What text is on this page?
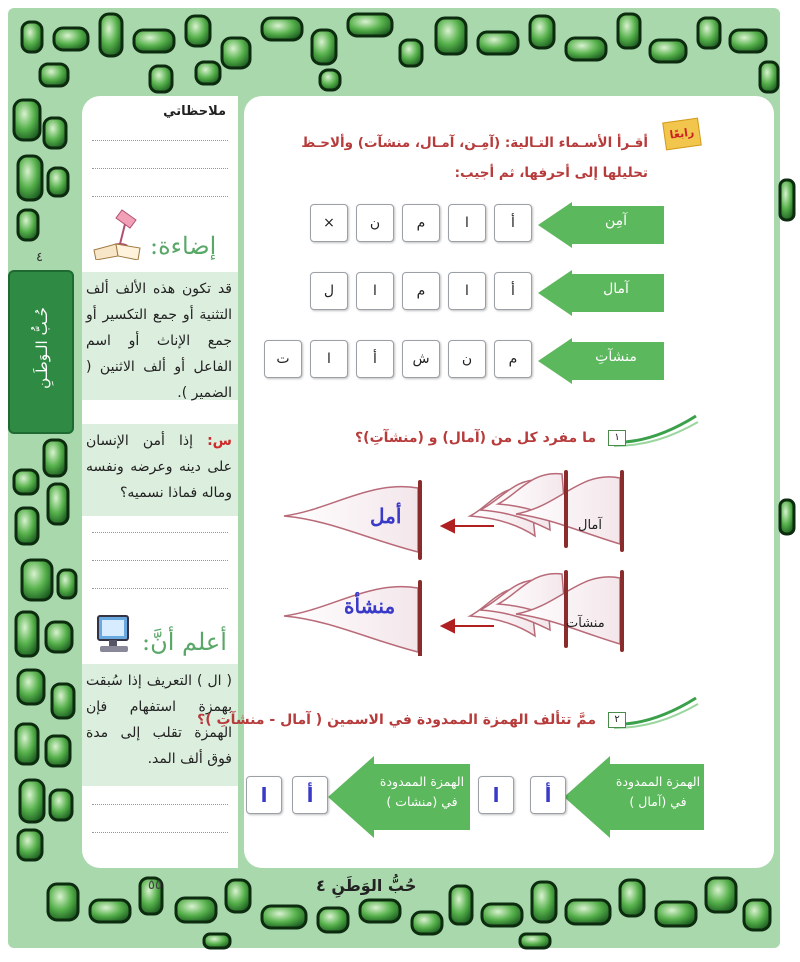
٤
حُـبُّ الـوَطَـنِ
ملاحظاتي
إضاءة:
قد تكون هذه الألف ألف التثنية أو جمع التكسير أو جمع الإناث أو اسم الفاعل أو ألف الاثنين ( الضمير ).
س: إذا أمن الإنسان على دينه وعرضه ونفسه وماله فماذا نسميه؟
أعلم أنَّ:
( ال ) التعريف إذا سُبقت بهمزة استفهام فإن الهمزة تقلب إلى مدة فوق ألف المد.
رابعًا
أقـرأ الأسـماء التـالية: (آمِـن، آمـال، منشآت) وألاحـظ تحليلها إلى أحرفها، ثم أجيب:
آمِن
أ
ا
م
ن
×
آمال
أ
ا
م
ا
ل
منشآتِ
م
ن
ش
أ
ا
ت
١
ما مفرد كل من (آمال) و (منشآتِ)؟
آمال
أمل
منشآت
منشأة
٢
ممَّ تتألف الهمزة الممدودة في الاسمين ( آمال - منشآتِ )؟
الهمزة الممدودة في (آمال )
الهمزة الممدودة في (منشات )	أ
ا
أ
ا
حُبُّ الوَطَنِ ٤
٥٥
